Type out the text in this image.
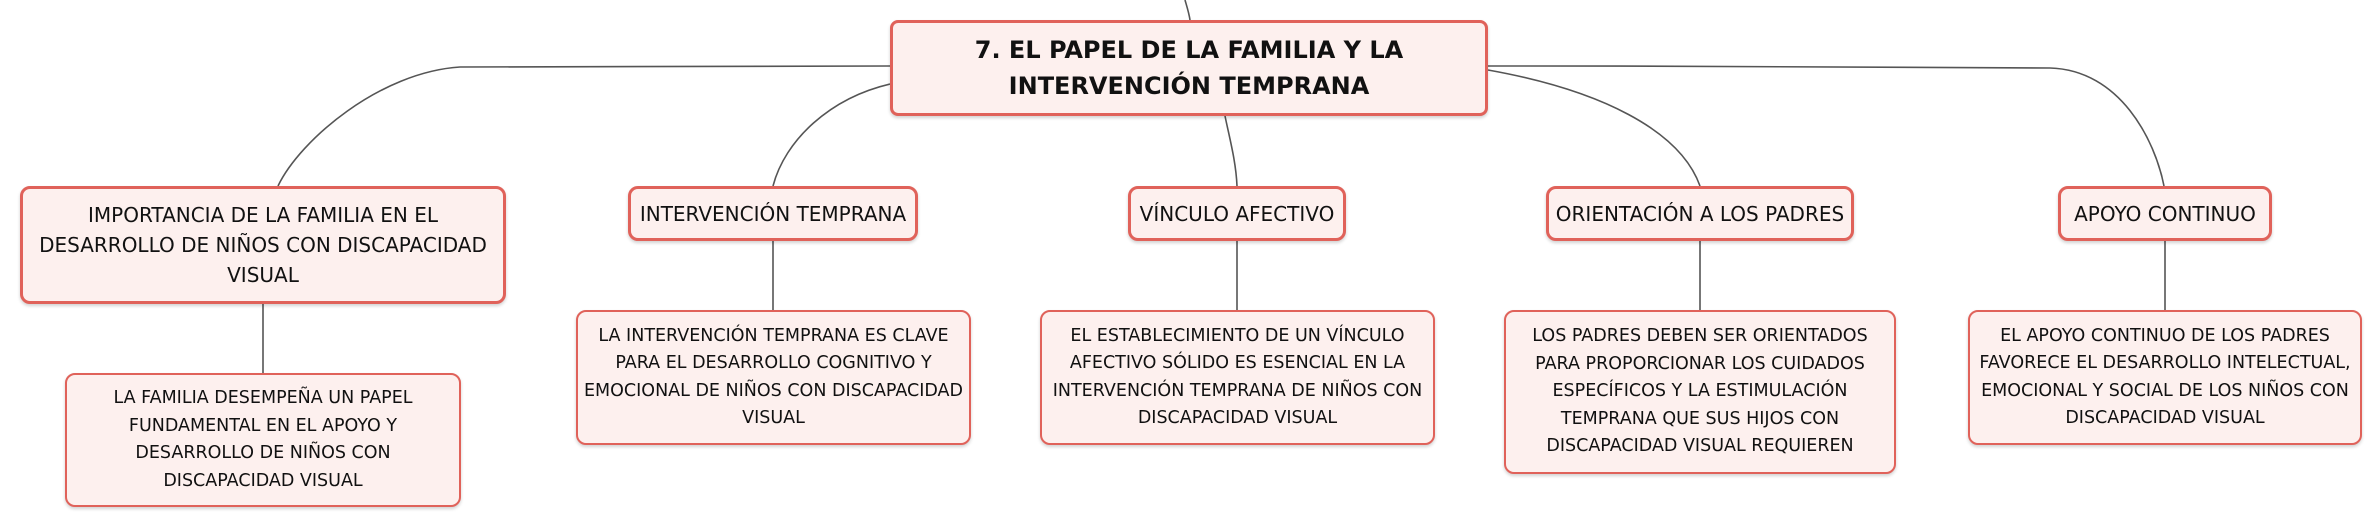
7. EL PAPEL DE LA FAMILIA Y LA INTERVENCIÓN TEMPRANA
IMPORTANCIA DE LA FAMILIA EN EL DESARROLLO DE NIÑOS CON DISCAPACIDAD VISUAL
INTERVENCIÓN TEMPRANA	VÍNCULO AFECTIVO	ORIENTACIÓN A LOS PADRES	APOYO CONTINUO
LA FAMILIA DESEMPEÑA UN PAPEL FUNDAMENTAL EN EL APOYO Y DESARROLLO DE NIÑOS CON DISCAPACIDAD VISUAL
LA INTERVENCIÓN TEMPRANA ES CLAVE PARA EL DESARROLLO COGNITIVO Y EMOCIONAL DE NIÑOS CON DISCAPACIDAD VISUAL
EL ESTABLECIMIENTO DE UN VÍNCULO AFECTIVO SÓLIDO ES ESENCIAL EN LA INTERVENCIÓN TEMPRANA DE NIÑOS CON DISCAPACIDAD VISUAL
LOS PADRES DEBEN SER ORIENTADOS PARA PROPORCIONAR LOS CUIDADOS ESPECÍFICOS Y LA ESTIMULACIÓN TEMPRANA QUE SUS HIJOS CON DISCAPACIDAD VISUAL REQUIEREN
EL APOYO CONTINUO DE LOS PADRES FAVORECE EL DESARROLLO INTELECTUAL, EMOCIONAL Y SOCIAL DE LOS NIÑOS CON DISCAPACIDAD VISUAL
